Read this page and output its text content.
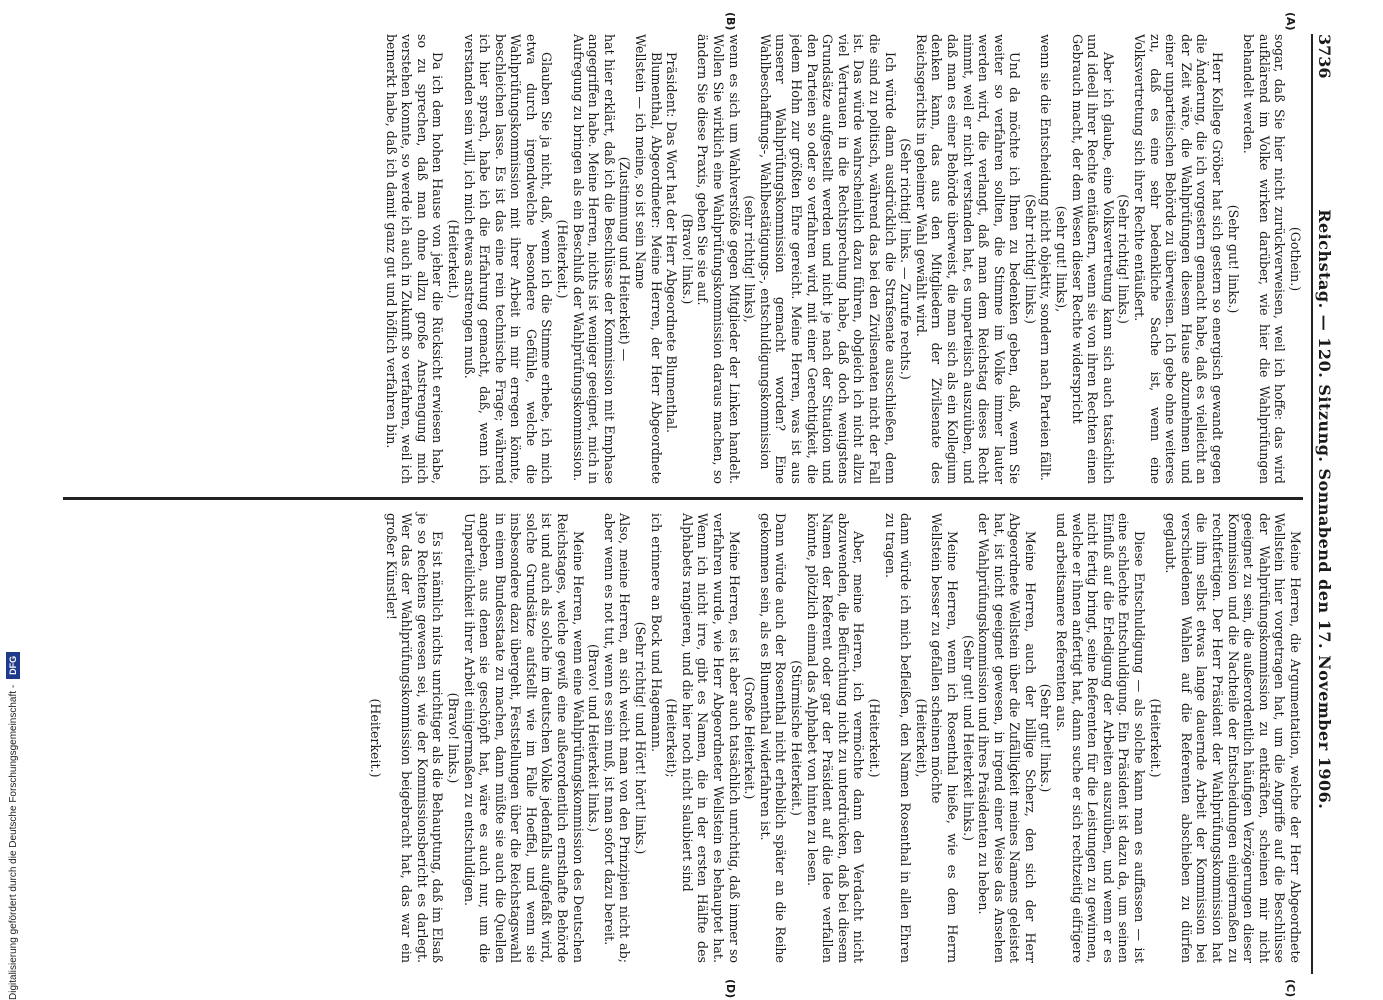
3736
Reichstag. — 120. Sitzung. Sonnabend den 17. November 1906.
(A)
(B)
(C)
(D)

(Gothein.)

sogar, daß Sie hier nicht zurückverweisen, weil ich hoffe: das wird aufklärend im Volke wirken darüber, wie hier die Wahlprüfungen behandelt werden.

(Sehr gut! links.)

Herr Kollege Gröber hat sich gestern so energisch gewandt gegen die Änderung, die ich vorgestern gemacht habe, daß es vielleicht an der Zeit wäre, die Wahlprüfungen diesem Hause abzunehmen und einer unparteiischen Behörde zu überweisen. Ich gebe ohne weiteres zu, daß es eine sehr bedenkliche Sache ist, wenn eine Volksvertretung sich ihrer Rechte entäußert.

(Sehr richtig! links.)

Aber ich glaube, eine Volksvertretung kann sich auch tatsächlich und ideell ihrer Rechte entäußern, wenn sie von ihren Rechten einen Gebrauch macht, der dem Wesen dieser Rechte widerspricht

(sehr gut! links),

wenn sie die Entscheidung nicht objektiv, sondern nach Parteien fällt.

(Sehr richtig! links.)

Und da möchte ich Ihnen zu bedenken geben, daß, wenn Sie weiter so verfahren sollten, die Stimme im Volke immer lauter werden wird, die verlangt, daß man dem Reichstag dieses Recht nimmt, weil er nicht verstanden hat, es unparteiisch auszuüben, und daß man es einer Behörde überweist, die man sich als ein Kollegium denken kann, das aus den Mitgliedern der Zivilsenate des Reichsgerichts in geheimer Wahl gewählt wird.

(Sehr richtig! links. — Zurufe rechts.)

Ich würde dann ausdrücklich die Strafsenate ausschließen, denn die sind zu politisch, während das bei den Zivilsenaten nicht der Fall ist. Das würde wahrscheinlich dazu führen, obgleich ich nicht allzu viel Vertrauen in die Rechtsprechung habe, daß doch wenigstens Grundsätze aufgestellt werden und nicht je nach der Situation und den Parteien so oder so verfahren wird, mit einer Gerechtigkeit, die jedem Hohn zur größten Ehre gereicht. Meine Herren, was ist aus unserer Wahlprüfungskommission gemacht worden? Eine Wahlbeschaffungs-, Wahlbestätigungs-, entschuldigungskommission

(sehr richtig! links),

wenn es sich um Wahlverstöße gegen Mitglieder der Linken handelt. Wollen Sie wirklich eine Wahlprüfungskommission daraus machen, so ändern Sie diese Praxis, geben Sie sie auf.

(Bravo! links.)

Präsident: Das Wort hat der Herr Abgeordnete Blumenthal.

Blumenthal, Abgeordneter: Meine Herren, der Herr Abgeordnete Wellstein — ich meine, so ist sein Name

(Zustimmung und Heiterkeit) —

hat hier erklärt, daß ich die Beschlüsse der Kommission mit Emphase angegriffen habe. Meine Herren, nichts ist weniger geeignet, mich in Aufregung zu bringen als ein Beschluß der Wahlprüfungskommission.

(Heiterkeit.)

Glauben Sie ja nicht, daß, wenn ich die Stimme erhebe, ich mich etwa durch irgendwelche besondere Gefühle, welche die Wahlprüfungskommission mit ihrer Arbeit in mir erregen könnte, beschleichen lasse. Es ist das eine rein technische Frage; während ich hier sprach, habe ich die Erfahrung gemacht, daß, wenn ich verstanden sein will, ich mich etwas anstrengen muß.

(Heiterkeit.)

Da ich dem hohen Hause von jeher die Rücksicht erwiesen habe, so zu sprechen, daß man ohne allzu große Anstrengung mich verstehen konnte, so werde ich auch in Zukunft so verfahren, weil ich bemerkt habe, daß ich damit ganz gut und höflich verfahren bin.

Meine Herren, die Argumentation, welche der Herr Abgeordnete Wellstein hier vorgetragen hat, um die Angriffe auf die Beschlüsse der Wahlprüfungskommission zu entkräften, scheinen mir nicht geeignet zu sein, die außerordentlich häufigen Verzögerungen dieser Kommission und die Nachteile der Entscheidungen einigermaßen zu rechtfertigen. Der Herr Präsident der Wahlprüfungskommission hat die ihm selbst etwas lange dauernde Arbeit der Kommission bei verschiedenen Wahlen auf die Referenten abschieben zu dürfen geglaubt.

(Heiterkeit.)

Diese Entschuldigung — als solche kann man es auffassen — ist eine schlechte Entschuldigung. Ein Präsident ist dazu da, um seinen Einfluß auf die Erledigung der Arbeiten auszuüben, und wenn er es nicht fertig bringt, seine Referenten für die Leistungen zu gewinnen, welche er ihnen anfertigt hat, dann suche er sich rechtzeitig eifrigere und arbeitsamere Referenten aus.

(Sehr gut! links.)

Meine Herren, auch der billige Scherz, den sich der Herr Abgeordnete Wellstein über die Zufälligkeit meines Namens geleistet hat, ist nicht geeignet gewesen, in irgend einer Weise das Ansehen der Wahlprüfungskommission und ihres Präsidenten zu heben.

(Sehr gut! und Heiterkeit links.)

Meine Herren, wenn ich Rosenthal hieße, wie es dem Herrn Wellstein besser zu gefallen scheinen möchte

(Heiterkeit),

dann würde ich mich befleißen, den Namen Rosenthal in allen Ehren zu tragen.

(Heiterkeit.)

Aber, meine Herren, ich vermöchte dann den Verdacht nicht abzuwenden, die Befürchtung nicht zu unterdrücken, daß bei diesem Namen der Referent oder gar der Präsident auf die Idee verfallen könnte, plötzlich einmal das Alphabet von hinten zu lesen.

(Stürmische Heiterkeit.)

Dann würde auch der Rosenthal nicht erheblich später an die Reihe gekommen sein, als es Blumenthal widerfahren ist.

(Große Heiterkeit.)

Meine Herren, es ist aber auch tatsächlich unrichtig, daß immer so verfahren wurde, wie Herr Abgeordneter Wellstein es behauptet hat. Wenn ich nicht irre, gibt es Namen, die in der ersten Hälfte des Alphabets rangieren, und die hier noch nicht slaubiert sind

(Heiterkeit);

ich erinnere an Bock und Hagemann.

(Sehr richtig! und Hört! hört! links.)

Also, meine Herren, an sich weicht man von den Prinzipien nicht ab; aber wenn es not tut, wenn es sein muß, ist man sofort dazu bereit.

(Bravo! und Heiterkeit links.)

Meine Herren, wenn eine Wahlprüfungskommission des Deutschen Reichstages, welche gewiß eine außerordentlich ernsthafte Behörde ist und auch als solche im deutschen Volke jedenfalls aufgefaßt wird, solche Grundsätze aufstellt wie im Falle Hoeffel, und wenn sie insbesondere dazu übergeht, Feststellungen über die Reichstagswahl in einem Bundesstaate zu machen, dann müßte sie auch die Quellen angeben, aus denen sie geschöpft hat, wäre es auch nur, um die Unparteilichkeit ihrer Arbeit einigermaßen zu entschuldigen.

(Bravo! links.)

Es ist nämlich nichts unrichtiger als die Behauptung, daß im Elsaß je so Rechtens gewesen sei, wie der Kommissionsbericht es darlegt. Wer das der Wahlprüfungskommission beigebracht hat, das war ein großer Künstler!

(Heiterkeit.)

Digitalisierung gefördert durch die Deutsche Forschungsgemeinschaft -
DFG
